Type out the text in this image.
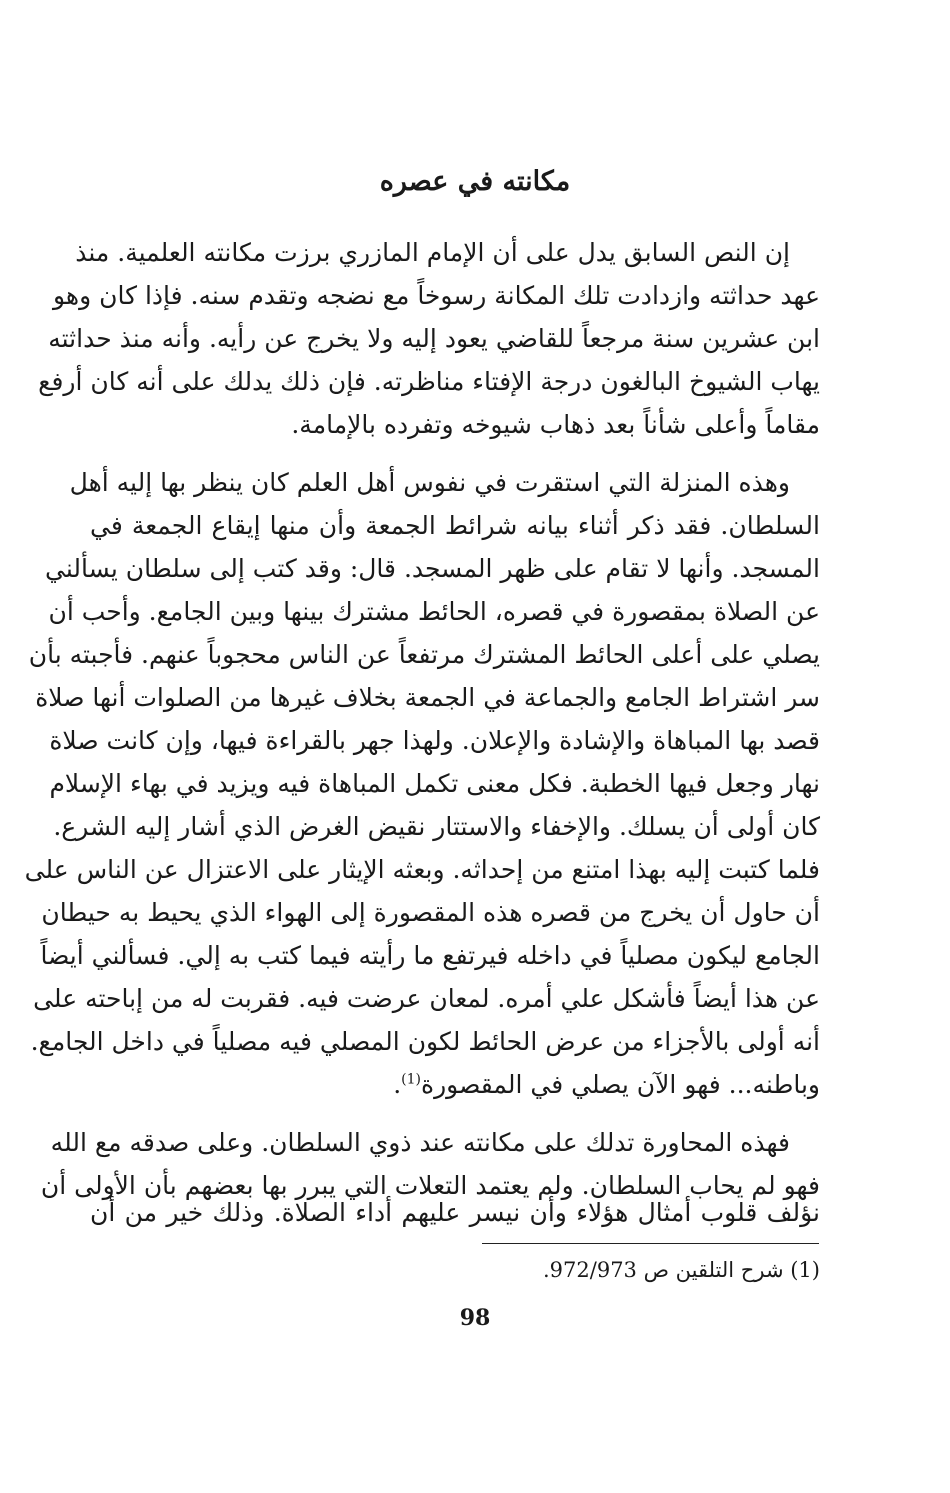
مكانته في عصره

إن النص السابق يدل على أن الإمام المازري برزت مكانته العلمية. منذ

عهد حداثته وازدادت تلك المكانة رسوخاً مع نضجه وتقدم سنه. فإذا كان وهو

ابن عشرين سنة مرجعاً للقاضي يعود إليه ولا يخرج عن رأيه. وأنه منذ حداثته

يهاب الشيوخ البالغون درجة الإفتاء مناظرته. فإن ذلك يدلك على أنه كان أرفع

مقاماً وأعلى شأناً بعد ذهاب شيوخه وتفرده بالإمامة.

وهذه المنزلة التي استقرت في نفوس أهل العلم كان ينظر بها إليه أهل

السلطان. فقد ذكر أثناء بيانه شرائط الجمعة وأن منها إيقاع الجمعة في

المسجد. وأنها لا تقام على ظهر المسجد. قال: وقد كتب إلى سلطان يسألني

عن الصلاة بمقصورة في قصره، الحائط مشترك بينها وبين الجامع. وأحب أن

يصلي على أعلى الحائط المشترك مرتفعاً عن الناس محجوباً عنهم. فأجبته بأن

سر اشتراط الجامع والجماعة في الجمعة بخلاف غيرها من الصلوات أنها صلاة

قصد بها المباهاة والإشادة والإعلان. ولهذا جهر بالقراءة فيها، وإن كانت صلاة

نهار وجعل فيها الخطبة. فكل معنى تكمل المباهاة فيه ويزيد في بهاء الإسلام

كان أولى أن يسلك. والإخفاء والاستتار نقيض الغرض الذي أشار إليه الشرع.

فلما كتبت إليه بهذا امتنع من إحداثه. وبعثه الإيثار على الاعتزال عن الناس على

أن حاول أن يخرج من قصره هذه المقصورة إلى الهواء الذي يحيط به حيطان

الجامع ليكون مصلياً في داخله فيرتفع ما رأيته فيما كتب به إلي. فسألني أيضاً

عن هذا أيضاً فأشكل علي أمره. لمعان عرضت فيه. فقربت له من إباحته على

أنه أولى بالأجزاء من عرض الحائط لكون المصلي فيه مصلياً في داخل الجامع.

وباطنه... فهو الآن يصلي في المقصورة$^{(1)}$.

فهذه المحاورة تدلك على مكانته عند ذوي السلطان. وعلى صدقه مع الله

فهو لم يحاب السلطان. ولم يعتمد التعلات التي يبرر بها بعضهم بأن الأولى أن

نؤلف قلوب أمثال هؤلاء وأن نيسر عليهم أداء الصلاة. وذلك خير من أن

(1) شرح التلقين ص 972/973.

98
